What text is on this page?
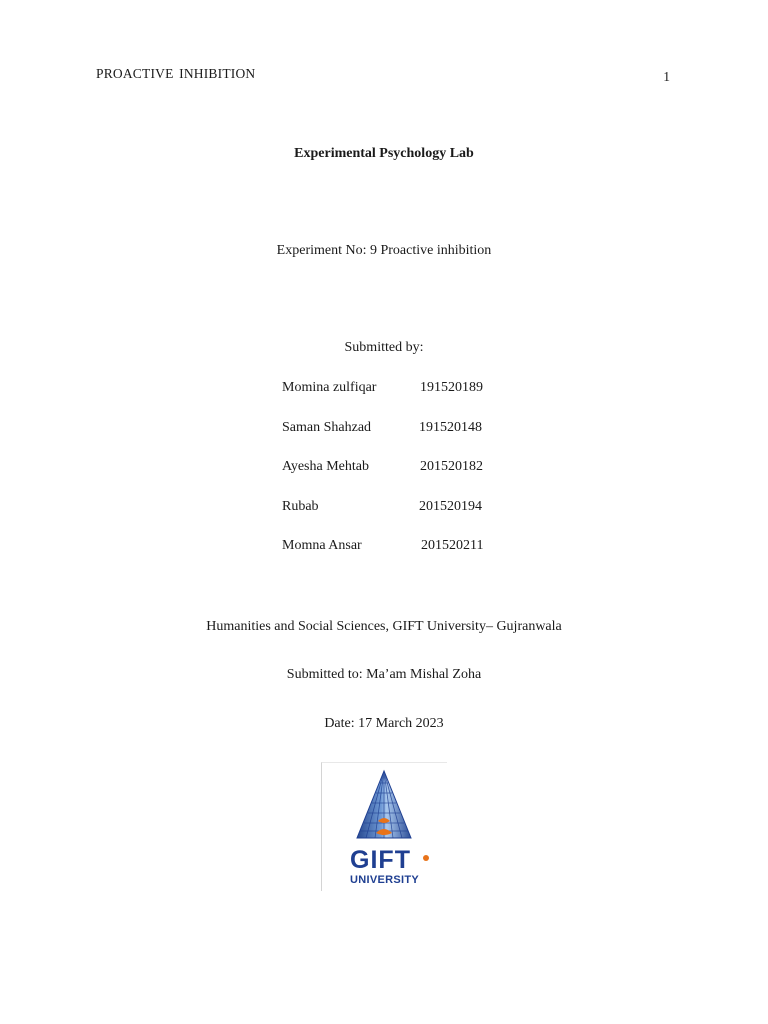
PROACTIVE INHIBITION	1
Experimental Psychology Lab
Experiment No: 9 Proactive inhibition
Submitted by:
Momina zulfiqar	191520189
Saman Shahzad	191520148
Ayesha Mehtab	201520182
Rubab	201520194
Momna Ansar	201520211
Humanities and Social Sciences, GIFT University– Gujranwala
Submitted to: Ma’am Mishal Zoha
Date: 17 March 2023
GIFT
UNIVERSITY
